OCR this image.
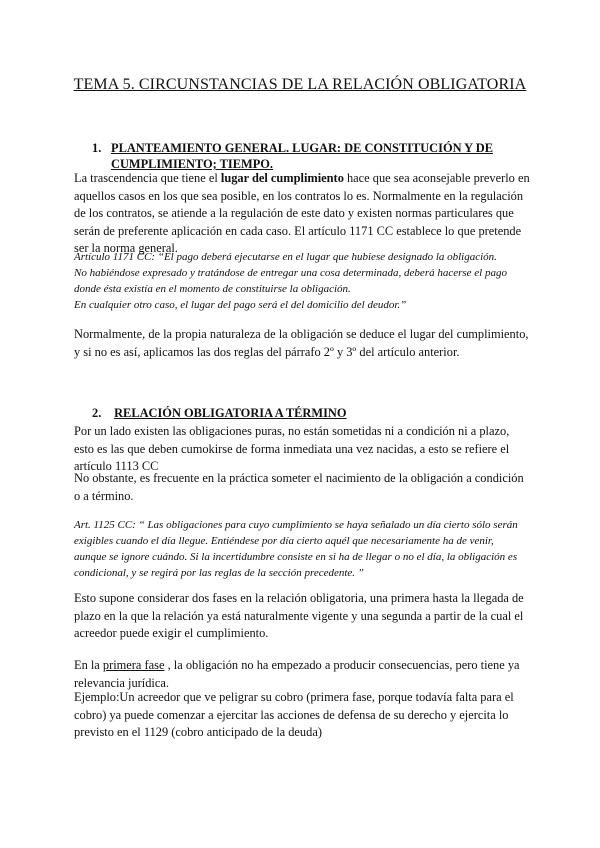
TEMA 5. CIRCUNSTANCIAS DE LA RELACIÓN OBLIGATORIA
1. PLANTEAMIENTO GENERAL. LUGAR: DE CONSTITUCIÓN Y DE CUMPLIMIENTO; TIEMPO.

La trascendencia que tiene el lugar del cumplimiento hace que sea aconsejable preverlo en aquellos casos en los que sea posible, en los contratos lo es. Normalmente en la regulación de los contratos, se atiende a la regulación de este dato y existen normas particulares que serán de preferente aplicación en cada caso. El artículo 1171 CC establece lo que pretende ser la norma general.

Artículo 1171 CC: “El pago deberá ejecutarse en el lugar que hubiese designado la obligación.
No habiéndose expresado y tratándose de entregar una cosa determinada, deberá hacerse el pago
donde ésta existía en el momento de constituirse la obligación.
En cualquier otro caso, el lugar del pago será el del domicilio del deudor.”

Normalmente, de la propia naturaleza de la obligación se deduce el lugar del cumplimiento, y si no es así, aplicamos las dos reglas del párrafo 2º y 3º del artículo anterior.

2. RELACIÓN OBLIGATORIA A TÉRMINO

Por un lado existen las obligaciones puras, no están sometidas ni a condición ni a plazo, esto es las que deben cumokirse de forma inmediata una vez nacidas, a esto se refiere el artículo 1113 CC

No obstante, es frecuente en la práctica someter el nacimiento de la obligación a condición o a término.

Art. 1125 CC: “ Las obligaciones para cuyo cumplimiento se haya señalado un día cierto sólo serán
exigibles cuando el día llegue. Entiéndese por día cierto aquél que necesariamente ha de venir,
aunque se ignore cuándo. Si la incertidumbre consiste en si ha de llegar o no el día, la obligación es
condicional, y se regirá por las reglas de la sección precedente. ”

Esto supone considerar dos fases en la relación obligatoria, una primera hasta la llegada de plazo en la que la relación ya está naturalmente vigente y una segunda a partir de la cual el acreedor puede exigir el cumplimiento.

En la primera fase , la obligación no ha empezado a producir consecuencias, pero tiene ya relevancia jurídica.

Ejemplo:Un acreedor que ve peligrar su cobro (primera fase, porque todavía falta para el cobro) ya puede comenzar a ejercitar las acciones de defensa de su derecho y ejercita lo previsto en el 1129 (cobro anticipado de la deuda)
